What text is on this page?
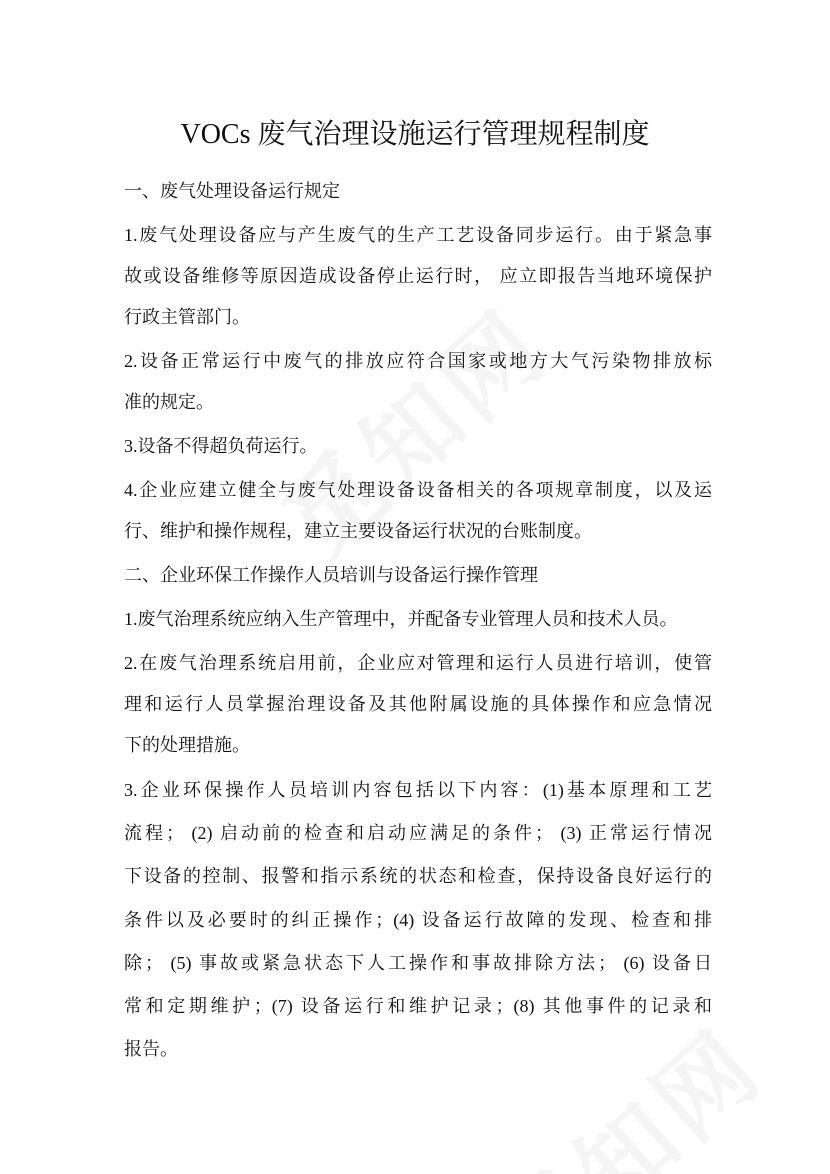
VOCs 废气治理设施运行管理规程制度
一、废气处理设备运行规定
1.废气处理设备应与产生废气的生产工艺设备同步运行。由于紧急事
故或设备维修等原因造成设备停止运行时， 应立即报告当地环境保护
行政主管部门。
2.设备正常运行中废气的排放应符合国家或地方大气污染物排放标
准的规定。
3.设备不得超负荷运行。
4.企业应建立健全与废气处理设备设备相关的各项规章制度，以及运
行、维护和操作规程，建立主要设备运行状况的台账制度。
二、企业环保工作操作人员培训与设备运行操作管理
1.废气治理系统应纳入生产管理中，并配备专业管理人员和技术人员。
2.在废气治理系统启用前，企业应对管理和运行人员进行培训，使管
理和运行人员掌握治理设备及其他附属设施的具体操作和应急情况
下的处理措施。
3.企业环保操作人员培训内容包括以下内容：(1)基本原理和工艺
流程； (2) 启动前的检查和启动应满足的条件； (3) 正常运行情况
下设备的控制、报警和指示系统的状态和检查，保持设备良好运行的
条件以及必要时的纠正操作；(4) 设备运行故障的发现、检查和排
除； (5) 事故或紧急状态下人工操作和事故排除方法； (6) 设备日
常和定期维护；(7) 设备运行和维护记录；(8) 其他事件的记录和
报告。
